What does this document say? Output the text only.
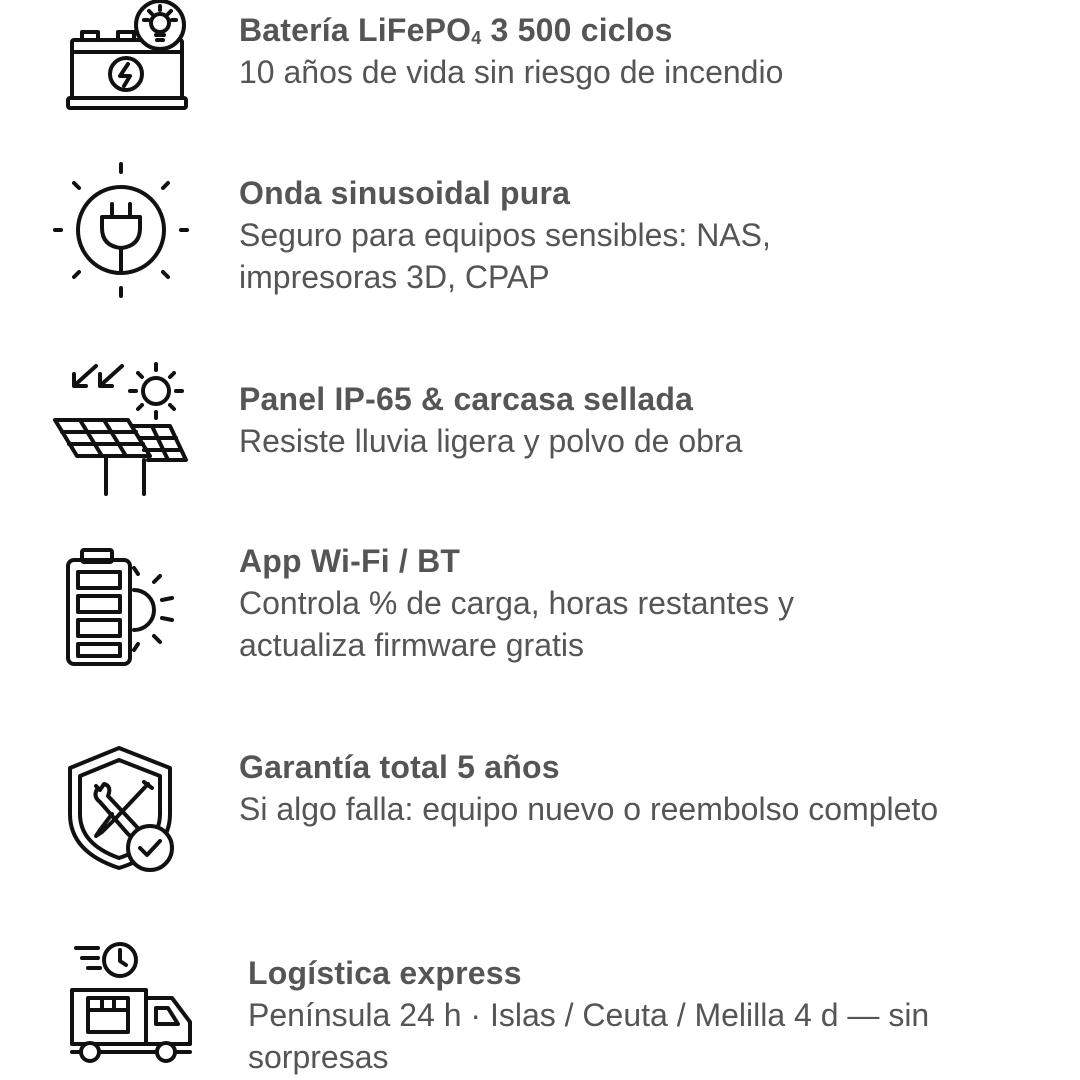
Batería LiFePO$_4$ 3 500 ciclos
10 años de vida sin riesgo de incendio
Onda sinusoidal pura
Seguro para equipos sensibles: NAS, impresoras 3D, CPAP
Panel IP-65 & carcasa sellada
Resiste lluvia ligera y polvo de obra
App Wi-Fi / BT
Controla % de carga, horas restantes y actualiza firmware gratis
Garantía total 5 años
Si algo falla: equipo nuevo o reembolso completo
Logística express
Península 24 h · Islas / Ceuta / Melilla 4 d — sin sorpresas
